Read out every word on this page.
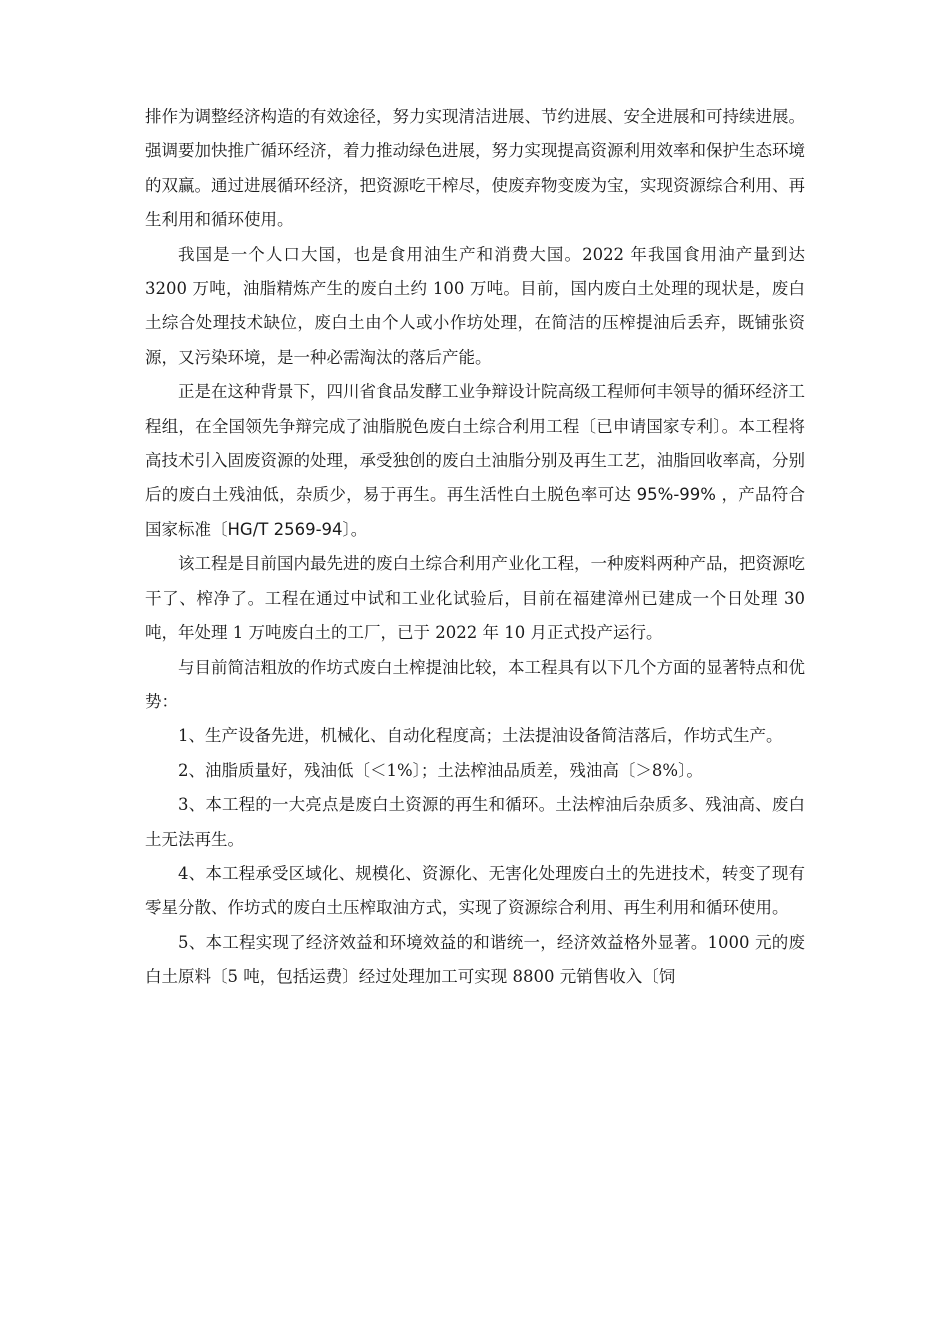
排作为调整经济构造的有效途径，努力实现清洁进展、节约进展、安全进展和可持续进展。强调要加快推广循环经济，着力推动绿色进展，努力实现提高资源利用效率和保护生态环境的双赢。通过进展循环经济，把资源吃干榨尽，使废弃物变废为宝，实现资源综合利用、再生利用和循环使用。

我国是一个人口大国，也是食用油生产和消费大国。2022 年我国食用油产量到达 3200 万吨，油脂精炼产生的废白土约 100 万吨。目前，国内废白土处理的现状是，废白土综合处理技术缺位，废白土由个人或小作坊处理，在简洁的压榨提油后丢弃，既铺张资源，又污染环境，是一种必需淘汰的落后产能。

正是在这种背景下，四川省食品发酵工业争辩设计院高级工程师何丰领导的循环经济工程组，在全国领先争辩完成了油脂脱色废白土综合利用工程〔已申请国家专利〕。本工程将高技术引入固废资源的处理，承受独创的废白土油脂分别及再生工艺，油脂回收率高，分别后的废白土残油低，杂质少，易于再生。再生活性白土脱色率可达 95%-99% ，产品符合国家标准〔HG/T 2569-94〕。

该工程是目前国内最先进的废白土综合利用产业化工程，一种废料两种产品，把资源吃干了、榨净了。工程在通过中试和工业化试验后，目前在福建漳州已建成一个日处理 30 吨，年处理 1 万吨废白土的工厂，已于 2022 年 10 月正式投产运行。

与目前简洁粗放的作坊式废白土榨提油比较，本工程具有以下几个方面的显著特点和优势：

1、生产设备先进，机械化、自动化程度高；土法提油设备简洁落后，作坊式生产。

2、油脂质量好，残油低〔＜1%〕；土法榨油品质差，残油高〔＞8%〕。

3、本工程的一大亮点是废白土资源的再生和循环。土法榨油后杂质多、残油高、废白土无法再生。

4、本工程承受区域化、规模化、资源化、无害化处理废白土的先进技术，转变了现有零星分散、作坊式的废白土压榨取油方式，实现了资源综合利用、再生利用和循环使用。

5、本工程实现了经济效益和环境效益的和谐统一，经济效益格外显著。1000 元的废白土原料〔5 吨，包括运费〕经过处理加工可实现 8800 元销售收入〔饲
